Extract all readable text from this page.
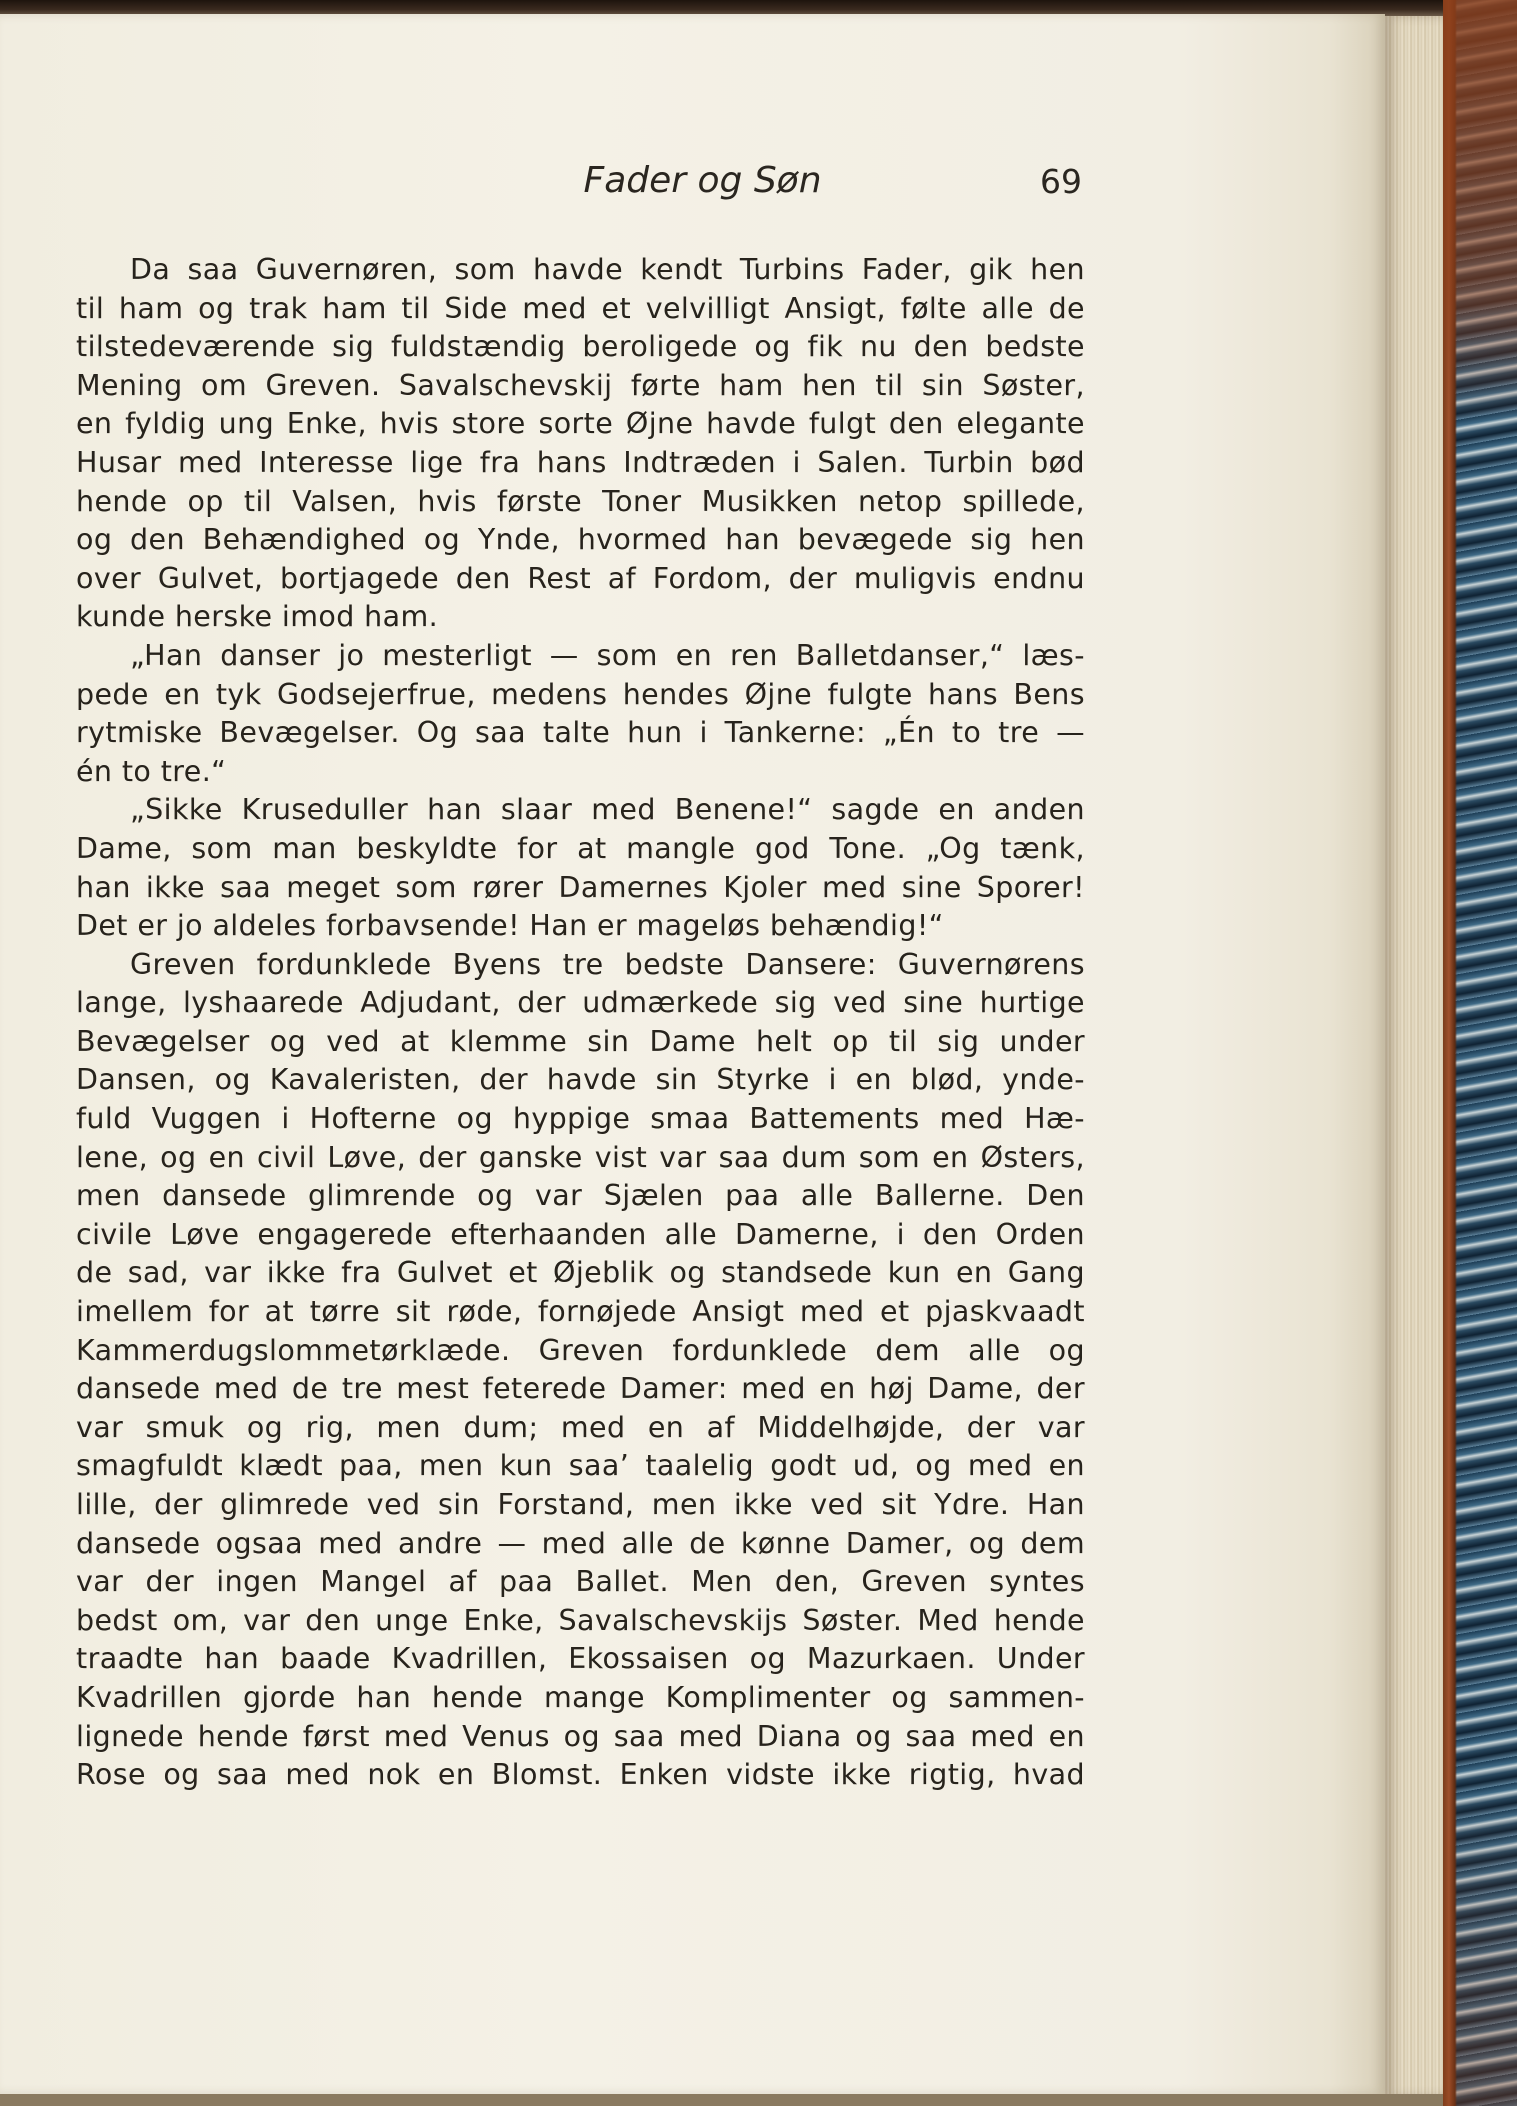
Fader og Søn	69
Da saa Guvernøren, som havde kendt Turbins Fader, gik hen
til ham og trak ham til Side med et velvilligt Ansigt, følte alle de
tilstedeværende sig fuldstændig beroligede og fik nu den bedste
Mening om Greven. Savalschevskij førte ham hen til sin Søster,
en fyldig ung Enke, hvis store sorte Øjne havde fulgt den elegante
Husar med Interesse lige fra hans Indtræden i Salen. Turbin bød
hende op til Valsen, hvis første Toner Musikken netop spillede,
og den Behændighed og Ynde, hvormed han bevægede sig hen
over Gulvet, bortjagede den Rest af Fordom, der muligvis endnu
kunde herske imod ham.
„Han danser jo mesterligt — som en ren Balletdanser,“ læs-
pede en tyk Godsejerfrue, medens hendes Øjne fulgte hans Bens
rytmiske Bevægelser. Og saa talte hun i Tankerne: „Én to tre —
én to tre.“
„Sikke Kruseduller han slaar med Benene!“ sagde en anden
Dame, som man beskyldte for at mangle god Tone. „Og tænk,
han ikke saa meget som rører Damernes Kjoler med sine Sporer!
Det er jo aldeles forbavsende! Han er mageløs behændig!“
Greven fordunklede Byens tre bedste Dansere: Guvernørens
lange, lyshaarede Adjudant, der udmærkede sig ved sine hurtige
Bevægelser og ved at klemme sin Dame helt op til sig under
Dansen, og Kavaleristen, der havde sin Styrke i en blød, ynde-
fuld Vuggen i Hofterne og hyppige smaa Battements med Hæ-
lene, og en civil Løve, der ganske vist var saa dum som en Østers,
men dansede glimrende og var Sjælen paa alle Ballerne. Den
civile Løve engagerede efterhaanden alle Damerne, i den Orden
de sad, var ikke fra Gulvet et Øjeblik og standsede kun en Gang
imellem for at tørre sit røde, fornøjede Ansigt med et pjaskvaadt
Kammerdugslommetørklæde. Greven fordunklede dem alle og
dansede med de tre mest feterede Damer: med en høj Dame, der
var smuk og rig, men dum; med en af Middelhøjde, der var
smagfuldt klædt paa, men kun saa’ taalelig godt ud, og med en
lille, der glimrede ved sin Forstand, men ikke ved sit Ydre. Han
dansede ogsaa med andre — med alle de kønne Damer, og dem
var der ingen Mangel af paa Ballet. Men den, Greven syntes
bedst om, var den unge Enke, Savalschevskijs Søster. Med hende
traadte han baade Kvadrillen, Ekossaisen og Mazurkaen. Under
Kvadrillen gjorde han hende mange Komplimenter og sammen-
lignede hende først med Venus og saa med Diana og saa med en
Rose og saa med nok en Blomst. Enken vidste ikke rigtig, hvad
